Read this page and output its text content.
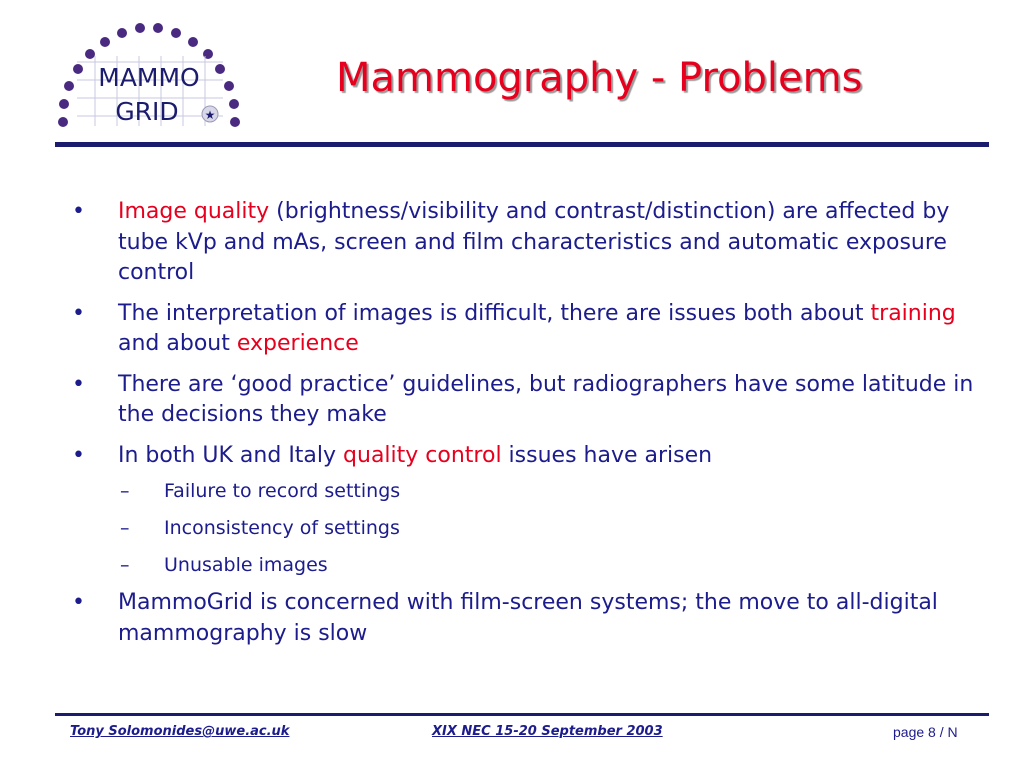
MAMMO
GRID ★
Mammography - Problems
• Image quality (brightness/visibility and contrast/distinction) are affected by tube kVp and mAs, screen and film characteristics and automatic exposure control
• The interpretation of images is difficult, there are issues both about training and about experience
• There are ‘good practice’ guidelines, but radiographers have some latitude in the decisions they make
• In both UK and Italy quality control issues have arisen
– Failure to record settings
– Inconsistency of settings
– Unusable images
• MammoGrid is concerned with film-screen systems; the move to all-digital mammography is slow
Tony Solomonides@uwe.ac.uk	XIX NEC 15-20 September 2003	page 8 / N
